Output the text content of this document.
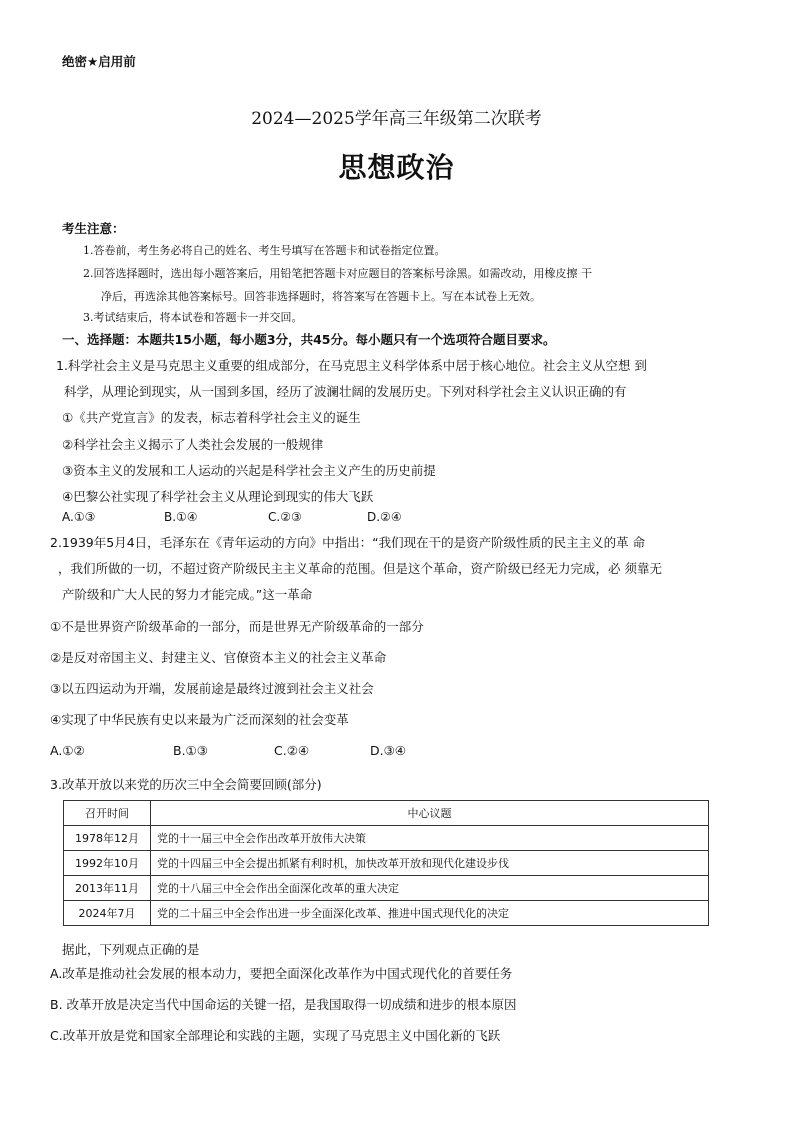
绝密★启用前
2024—2025学年高三年级第二次联考
思想政治
考生注意：
1.答卷前，考生务必将自己的姓名、考生号填写在答题卡和试卷指定位置。
2.回答选择题时，选出每小题答案后，用铅笔把答题卡对应题目的答案标号涂黑。如需改动，用橡皮擦 干
净后，再选涂其他答案标号。回答非选择题时，将答案写在答题卡上。写在本试卷上无效。
3.考试结束后，将本试卷和答题卡一并交回。
一、选择题：本题共15小题，每小题3分，共45分。每小题只有一个选项符合题目要求。
1.科学社会主义是马克思主义重要的组成部分，在马克思主义科学体系中居于核心地位。社会主义从空想 到
科学，从理论到现实，从一国到多国，经历了波澜壮阔的发展历史。下列对科学社会主义认识正确的有
①《共产党宣言》的发表，标志着科学社会主义的诞生
②科学社会主义揭示了人类社会发展的一般规律
③资本主义的发展和工人运动的兴起是科学社会主义产生的历史前提
④巴黎公社实现了科学社会主义从理论到现实的伟大飞跃
A.①③	B.①④	C.②③	D.②④
2.1939年5月4日，毛泽东在《青年运动的方向》中指出：“我们现在干的是资产阶级性质的民主主义的革 命
，我们所做的一切，不超过资产阶级民主主义革命的范围。但是这个革命，资产阶级已经无力完成，必 须靠无
产阶级和广大人民的努力才能完成。”这一革命
①不是世界资产阶级革命的一部分，而是世界无产阶级革命的一部分
②是反对帝国主义、封建主义、官僚资本主义的社会主义革命
③以五四运动为开端，发展前途是最终过渡到社会主义社会
④实现了中华民族有史以来最为广泛而深刻的社会变革
A.①②	B.①③	C.②④	D.③④
3.改革开放以来党的历次三中全会简要回顾(部分)
召开时间	中心议题
1978年12月	党的十一届三中全会作出改革开放伟大决策
1992年10月	党的十四届三中全会提出抓紧有利时机，加快改革开放和现代化建设步伐
2013年11月	党的十八届三中全会作出全面深化改革的重大决定
2024年7月	党的二十届三中全会作出进一步全面深化改革、推进中国式现代化的决定
据此，下列观点正确的是
A.改革是推动社会发展的根本动力，要把全面深化改革作为中国式现代化的首要任务
B. 改革开放是决定当代中国命运的关键一招，是我国取得一切成绩和进步的根本原因
C.改革开放是党和国家全部理论和实践的主题，实现了马克思主义中国化新的飞跃
